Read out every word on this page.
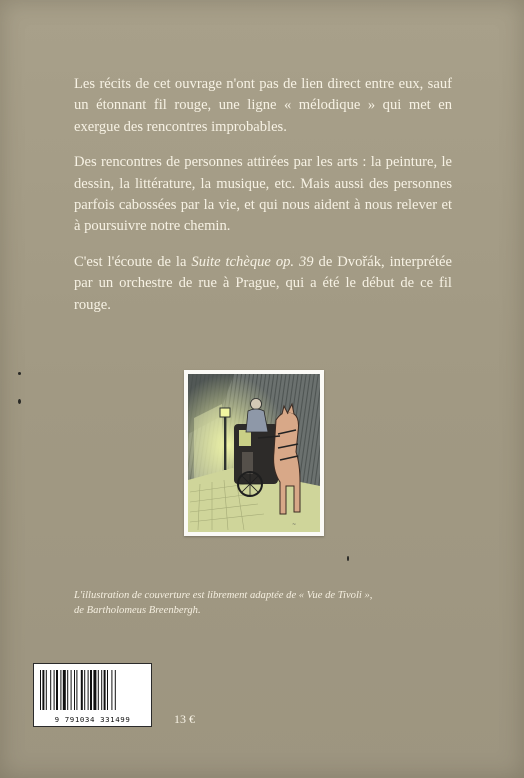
Les récits de cet ouvrage n'ont pas de lien direct entre eux, sauf un étonnant fil rouge, une ligne « mélodique » qui met en exergue des rencontres improbables.

Des rencontres de personnes attirées par les arts : la peinture, le dessin, la littérature, la musique, etc. Mais aussi des personnes parfois cabossées par la vie, et qui nous aident à nous relever et à poursuivre notre chemin.

C'est l'écoute de la Suite tchèque op. 39 de Dvořák, interprétée par un orchestre de rue à Prague, qui a été le début de ce fil rouge.

~
L'illustration de couverture est librement adaptée de « Vue de Tivoli »,
de Bartholomeus Breenbergh.
9 791034 331499	13 €
